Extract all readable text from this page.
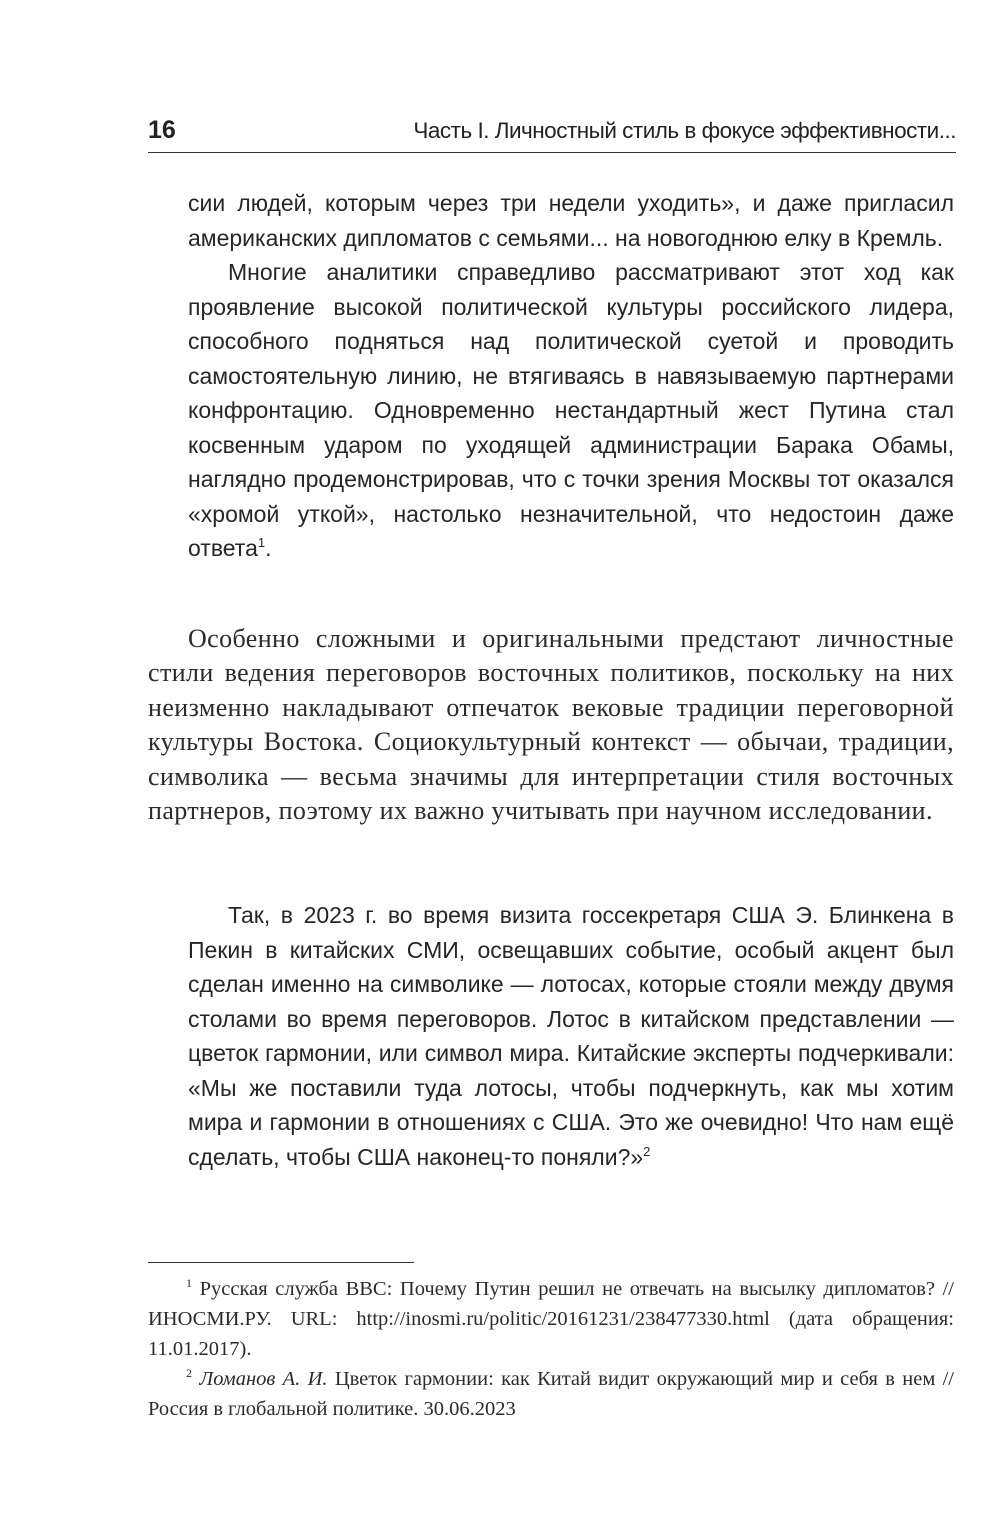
16	Часть I. Личностный стиль в фокусе эффективности...

сии людей, которым через три недели уходить», и даже пригласил американских дипломатов с семьями... на новогоднюю елку в Кремль.

Многие аналитики справедливо рассматривают этот ход как проявление высокой политической культуры российского лидера, способного подняться над политической суетой и проводить самостоятельную линию, не втягиваясь в навязываемую партнерами конфронтацию. Одновременно нестандартный жест Путина стал косвенным ударом по уходящей администрации Барака Обамы, наглядно продемонстрировав, что с точки зрения Москвы тот оказался «хромой уткой», настолько незначительной, что недостоин даже ответа$^1$.

Особенно сложными и оригинальными предстают личностные стили ведения переговоров восточных политиков, поскольку на них неизменно накладывают отпечаток вековые традиции переговорной культуры Востока. Социокультурный контекст — обычаи, традиции, символика — весьма значимы для интерпретации стиля восточных партнеров, поэтому их важно учитывать при научном исследовании.

Так, в 2023 г. во время визита госсекретаря США Э. Блинкена в Пекин в китайских СМИ, освещавших событие, особый акцент был сделан именно на символике — лотосах, которые стояли между двумя столами во время переговоров. Лотос в китайском представлении — цветок гармонии, или символ мира. Китайские эксперты подчеркивали: «Мы же поставили туда лотосы, чтобы подчеркнуть, как мы хотим мира и гармонии в отношениях с США. Это же очевидно! Что нам ещё сделать, чтобы США наконец-то поняли?»$^2$

$^1$ Русская служба BBC: Почему Путин решил не отвечать на высылку дипломатов? // ИНОСМИ.РУ. URL: http://inosmi.ru/politic/20161231/238477330.html (дата обращения: 11.01.2017).

$^2$ Ломанов А. И. Цветок гармонии: как Китай видит окружающий мир и себя в нем // Россия в глобальной политике. 30.06.2023
